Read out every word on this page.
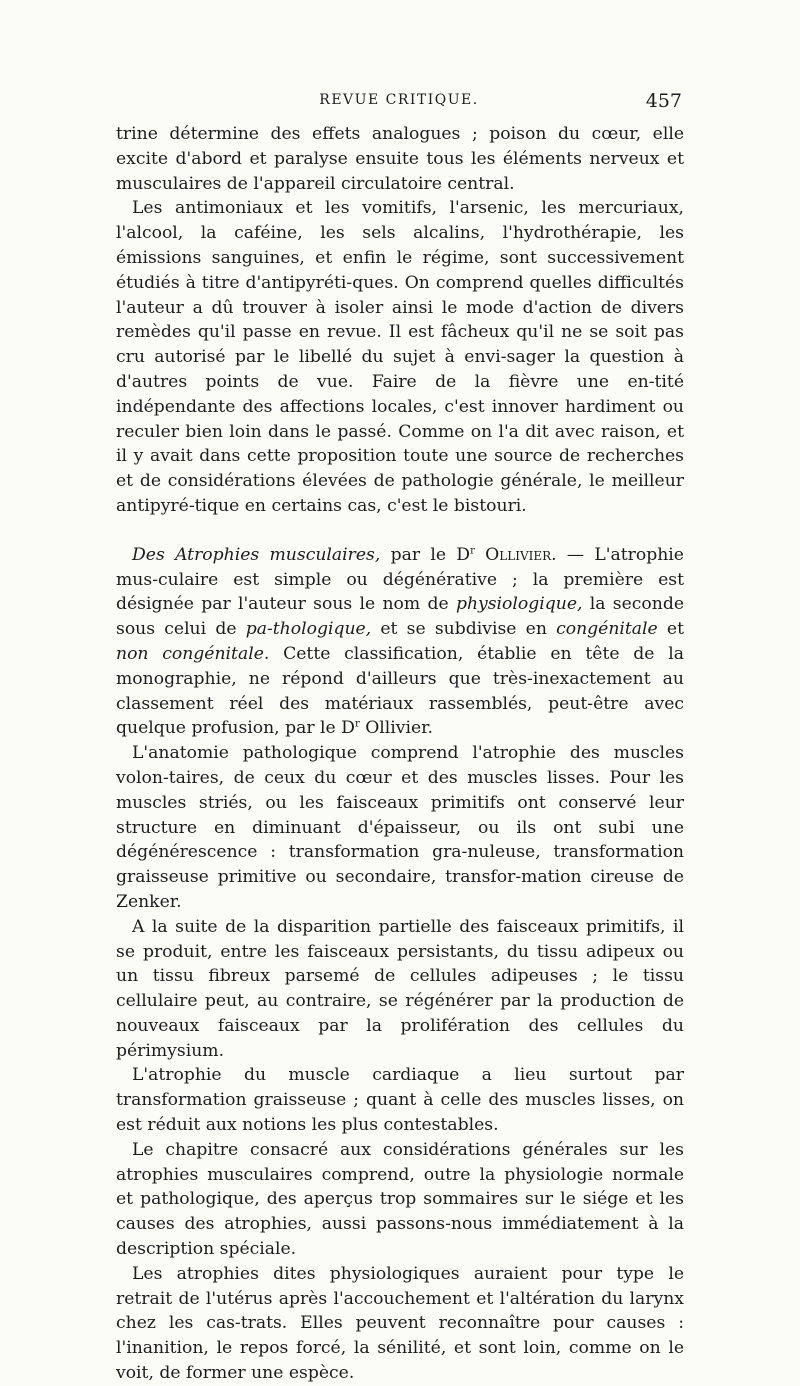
REVUE CRITIQUE.	457

trine détermine des effets analogues ; poison du cœur, elle excite d'abord et paralyse ensuite tous les éléments nerveux et musculaires de l'appareil circulatoire central.

Les antimoniaux et les vomitifs, l'arsenic, les mercuriaux, l'alcool, la caféine, les sels alcalins, l'hydrothérapie, les émissions sanguines, et enfin le régime, sont successivement étudiés à titre d'antipyréti-ques. On comprend quelles difficultés l'auteur a dû trouver à isoler ainsi le mode d'action de divers remèdes qu'il passe en revue. Il est fâcheux qu'il ne se soit pas cru autorisé par le libellé du sujet à envi-sager la question à d'autres points de vue. Faire de la fièvre une en-tité indépendante des affections locales, c'est innover hardiment ou reculer bien loin dans le passé. Comme on l'a dit avec raison, et il y avait dans cette proposition toute une source de recherches et de considérations élevées de pathologie générale, le meilleur antipyré-tique en certains cas, c'est le bistouri.

Des Atrophies musculaires, par le $D^r$ Ollivier. — L'atrophie mus-culaire est simple ou dégénérative ; la première est désignée par l'auteur sous le nom de physiologique, la seconde sous celui de pa-thologique, et se subdivise en congénitale et non congénitale. Cette classification, établie en tête de la monographie, ne répond d'ailleurs que très-inexactement au classement réel des matériaux rassemblés, peut-être avec quelque profusion, par le $D^r$ Ollivier.

L'anatomie pathologique comprend l'atrophie des muscles volon-taires, de ceux du cœur et des muscles lisses. Pour les muscles striés, ou les faisceaux primitifs ont conservé leur structure en diminuant d'épaisseur, ou ils ont subi une dégénérescence : transformation gra-nuleuse, transformation graisseuse primitive ou secondaire, transfor-mation cireuse de Zenker.

A la suite de la disparition partielle des faisceaux primitifs, il se produit, entre les faisceaux persistants, du tissu adipeux ou un tissu fibreux parsemé de cellules adipeuses ; le tissu cellulaire peut, au contraire, se régénérer par la production de nouveaux faisceaux par la prolifération des cellules du périmysium.

L'atrophie du muscle cardiaque a lieu surtout par transformation graisseuse ; quant à celle des muscles lisses, on est réduit aux notions les plus contestables.

Le chapitre consacré aux considérations générales sur les atrophies musculaires comprend, outre la physiologie normale et pathologique, des aperçus trop sommaires sur le siége et les causes des atrophies, aussi passons-nous immédiatement à la description spéciale.

Les atrophies dites physiologiques auraient pour type le retrait de l'utérus après l'accouchement et l'altération du larynx chez les cas-trats. Elles peuvent reconnaître pour causes : l'inanition, le repos forcé, la sénilité, et sont loin, comme on le voit, de former une espèce.
